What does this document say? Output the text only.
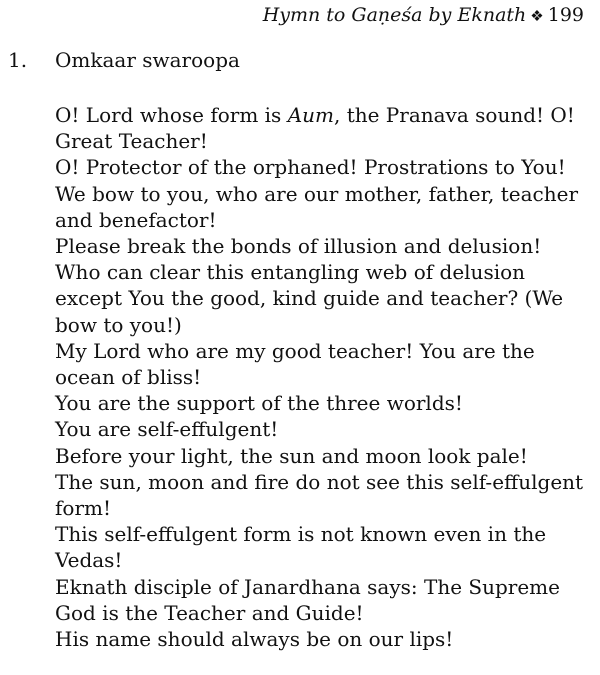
Hymn to Gaṇeśa by Eknath ❖ 199
1. Omkaar swaroopa
O! Lord whose form is Aum, the Pranava sound! O!
Great Teacher!
O! Protector of the orphaned! Prostrations to You!
We bow to you, who are our mother, father, teacher
and benefactor!
Please break the bonds of illusion and delusion!
Who can clear this entangling web of delusion
except You the good, kind guide and teacher? (We
bow to you!)
My Lord who are my good teacher! You are the
ocean of bliss!
You are the support of the three worlds!
You are self-effulgent!
Before your light, the sun and moon look pale!
The sun, moon and fire do not see this self-effulgent
form!
This self-effulgent form is not known even in the
Vedas!
Eknath disciple of Janardhana says: The Supreme
God is the Teacher and Guide!
His name should always be on our lips!
